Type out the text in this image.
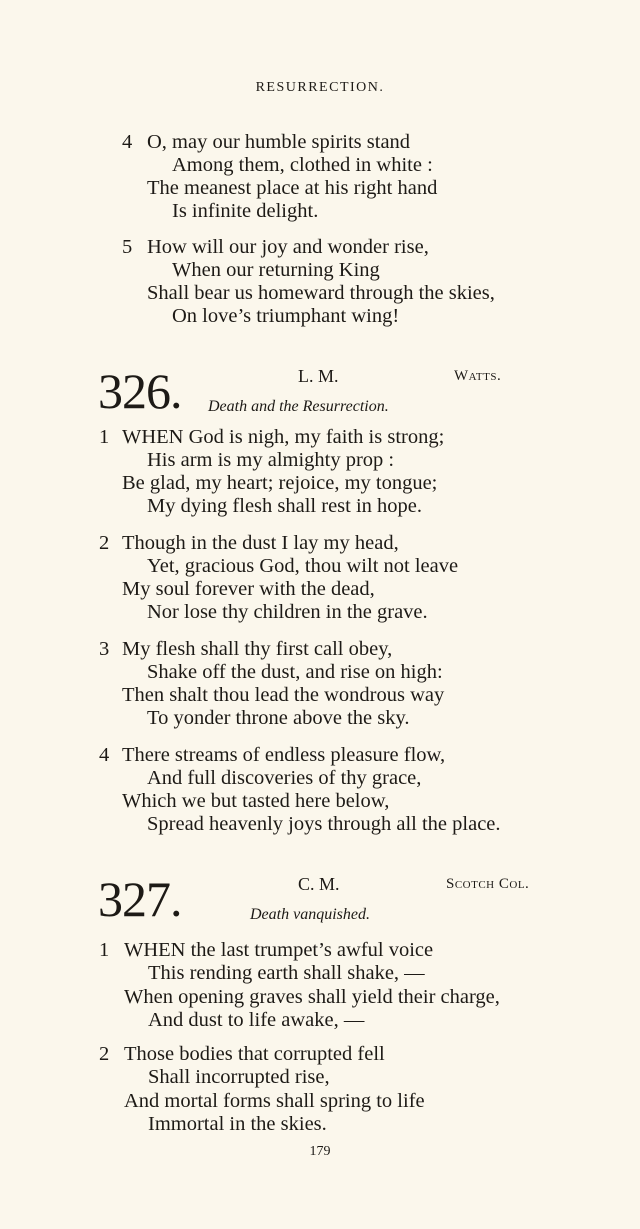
RESURRECTION.
4 O, may our humble spirits stand
Among them, clothed in white :
The meanest place at his right hand
Is infinite delight.
5 How will our joy and wonder rise,
When our returning King
Shall bear us homeward through the skies,
On love’s triumphant wing!
326.	L. M.	Watts.
Death and the Resurrection.
1 WHEN God is nigh, my faith is strong;
His arm is my almighty prop :
Be glad, my heart; rejoice, my tongue;
My dying flesh shall rest in hope.
2 Though in the dust I lay my head,
Yet, gracious God, thou wilt not leave
My soul forever with the dead,
Nor lose thy children in the grave.
3 My flesh shall thy first call obey,
Shake off the dust, and rise on high:
Then shalt thou lead the wondrous way
To yonder throne above the sky.
4 There streams of endless pleasure flow,
And full discoveries of thy grace,
Which we but tasted here below,
Spread heavenly joys through all the place.
327.	C. M.	Scotch Col.
Death vanquished.
1 WHEN the last trumpet’s awful voice
This rending earth shall shake, —
When opening graves shall yield their charge,
And dust to life awake, —
2 Those bodies that corrupted fell
Shall incorrupted rise,
And mortal forms shall spring to life
Immortal in the skies.
179
